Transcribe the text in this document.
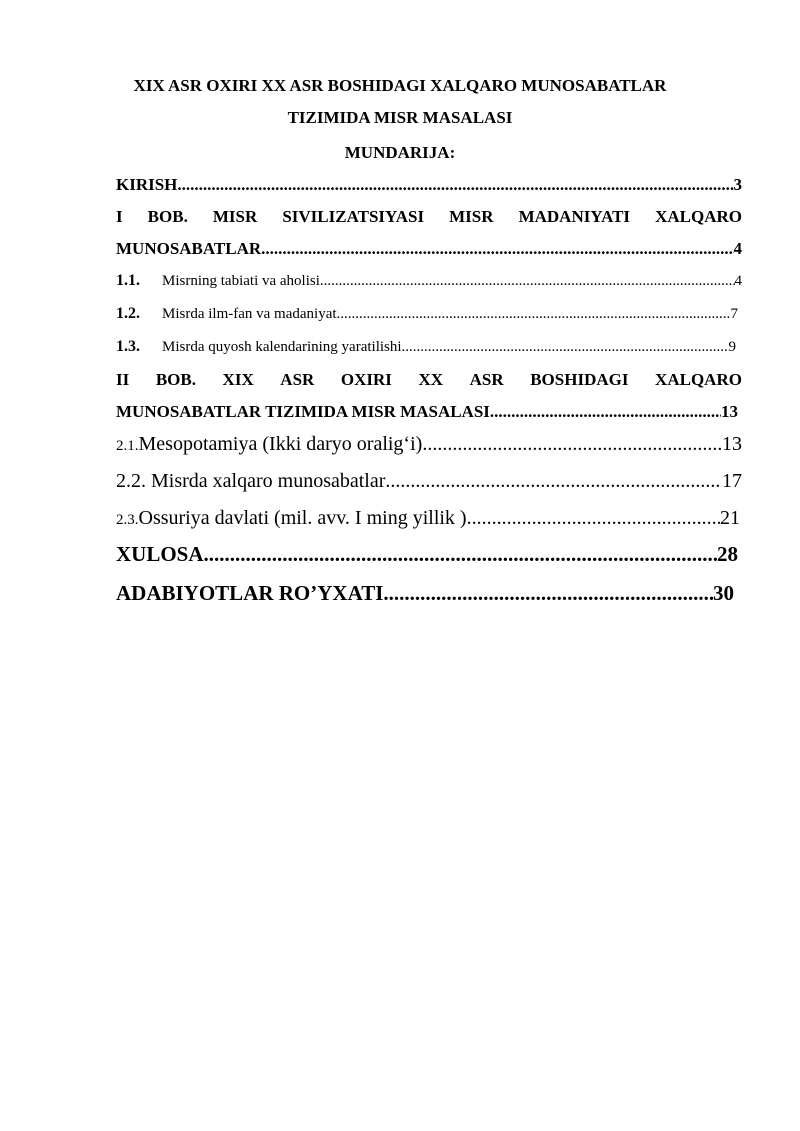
XIX ASR OXIRI XX ASR BOSHIDAGI XALQARO MUNOSABATLAR
TIZIMIDA MISR MASALASI
MUNDARIJA:
KIRISH .....	3
I BOB. MISR SIVILIZATSIYASI MISR MADANIYATI XALQARO
MUNOSABATLAR .....	4
1.1.	Misrning tabiati va aholisi .....	4
1.2.	Misrda ilm-fan va madaniyat .....	7
1.3.	Misrda quyosh kalendarining yaratilishi .....	9
II BOB. XIX ASR OXIRI XX ASR BOSHIDAGI XALQARO
MUNOSABATLAR TIZIMIDA MISR MASALASI .....	13
2.1. Mesopotamiya (Ikki daryo oralig‘i) .....	13
2.2. Misrda xalqaro munosabatlar .....	17
2.3. Ossuriya davlati (mil. avv. I ming yillik ). .....	21
XULOSA .....	28
ADABIYOTLAR RO’YXATI .....	30
